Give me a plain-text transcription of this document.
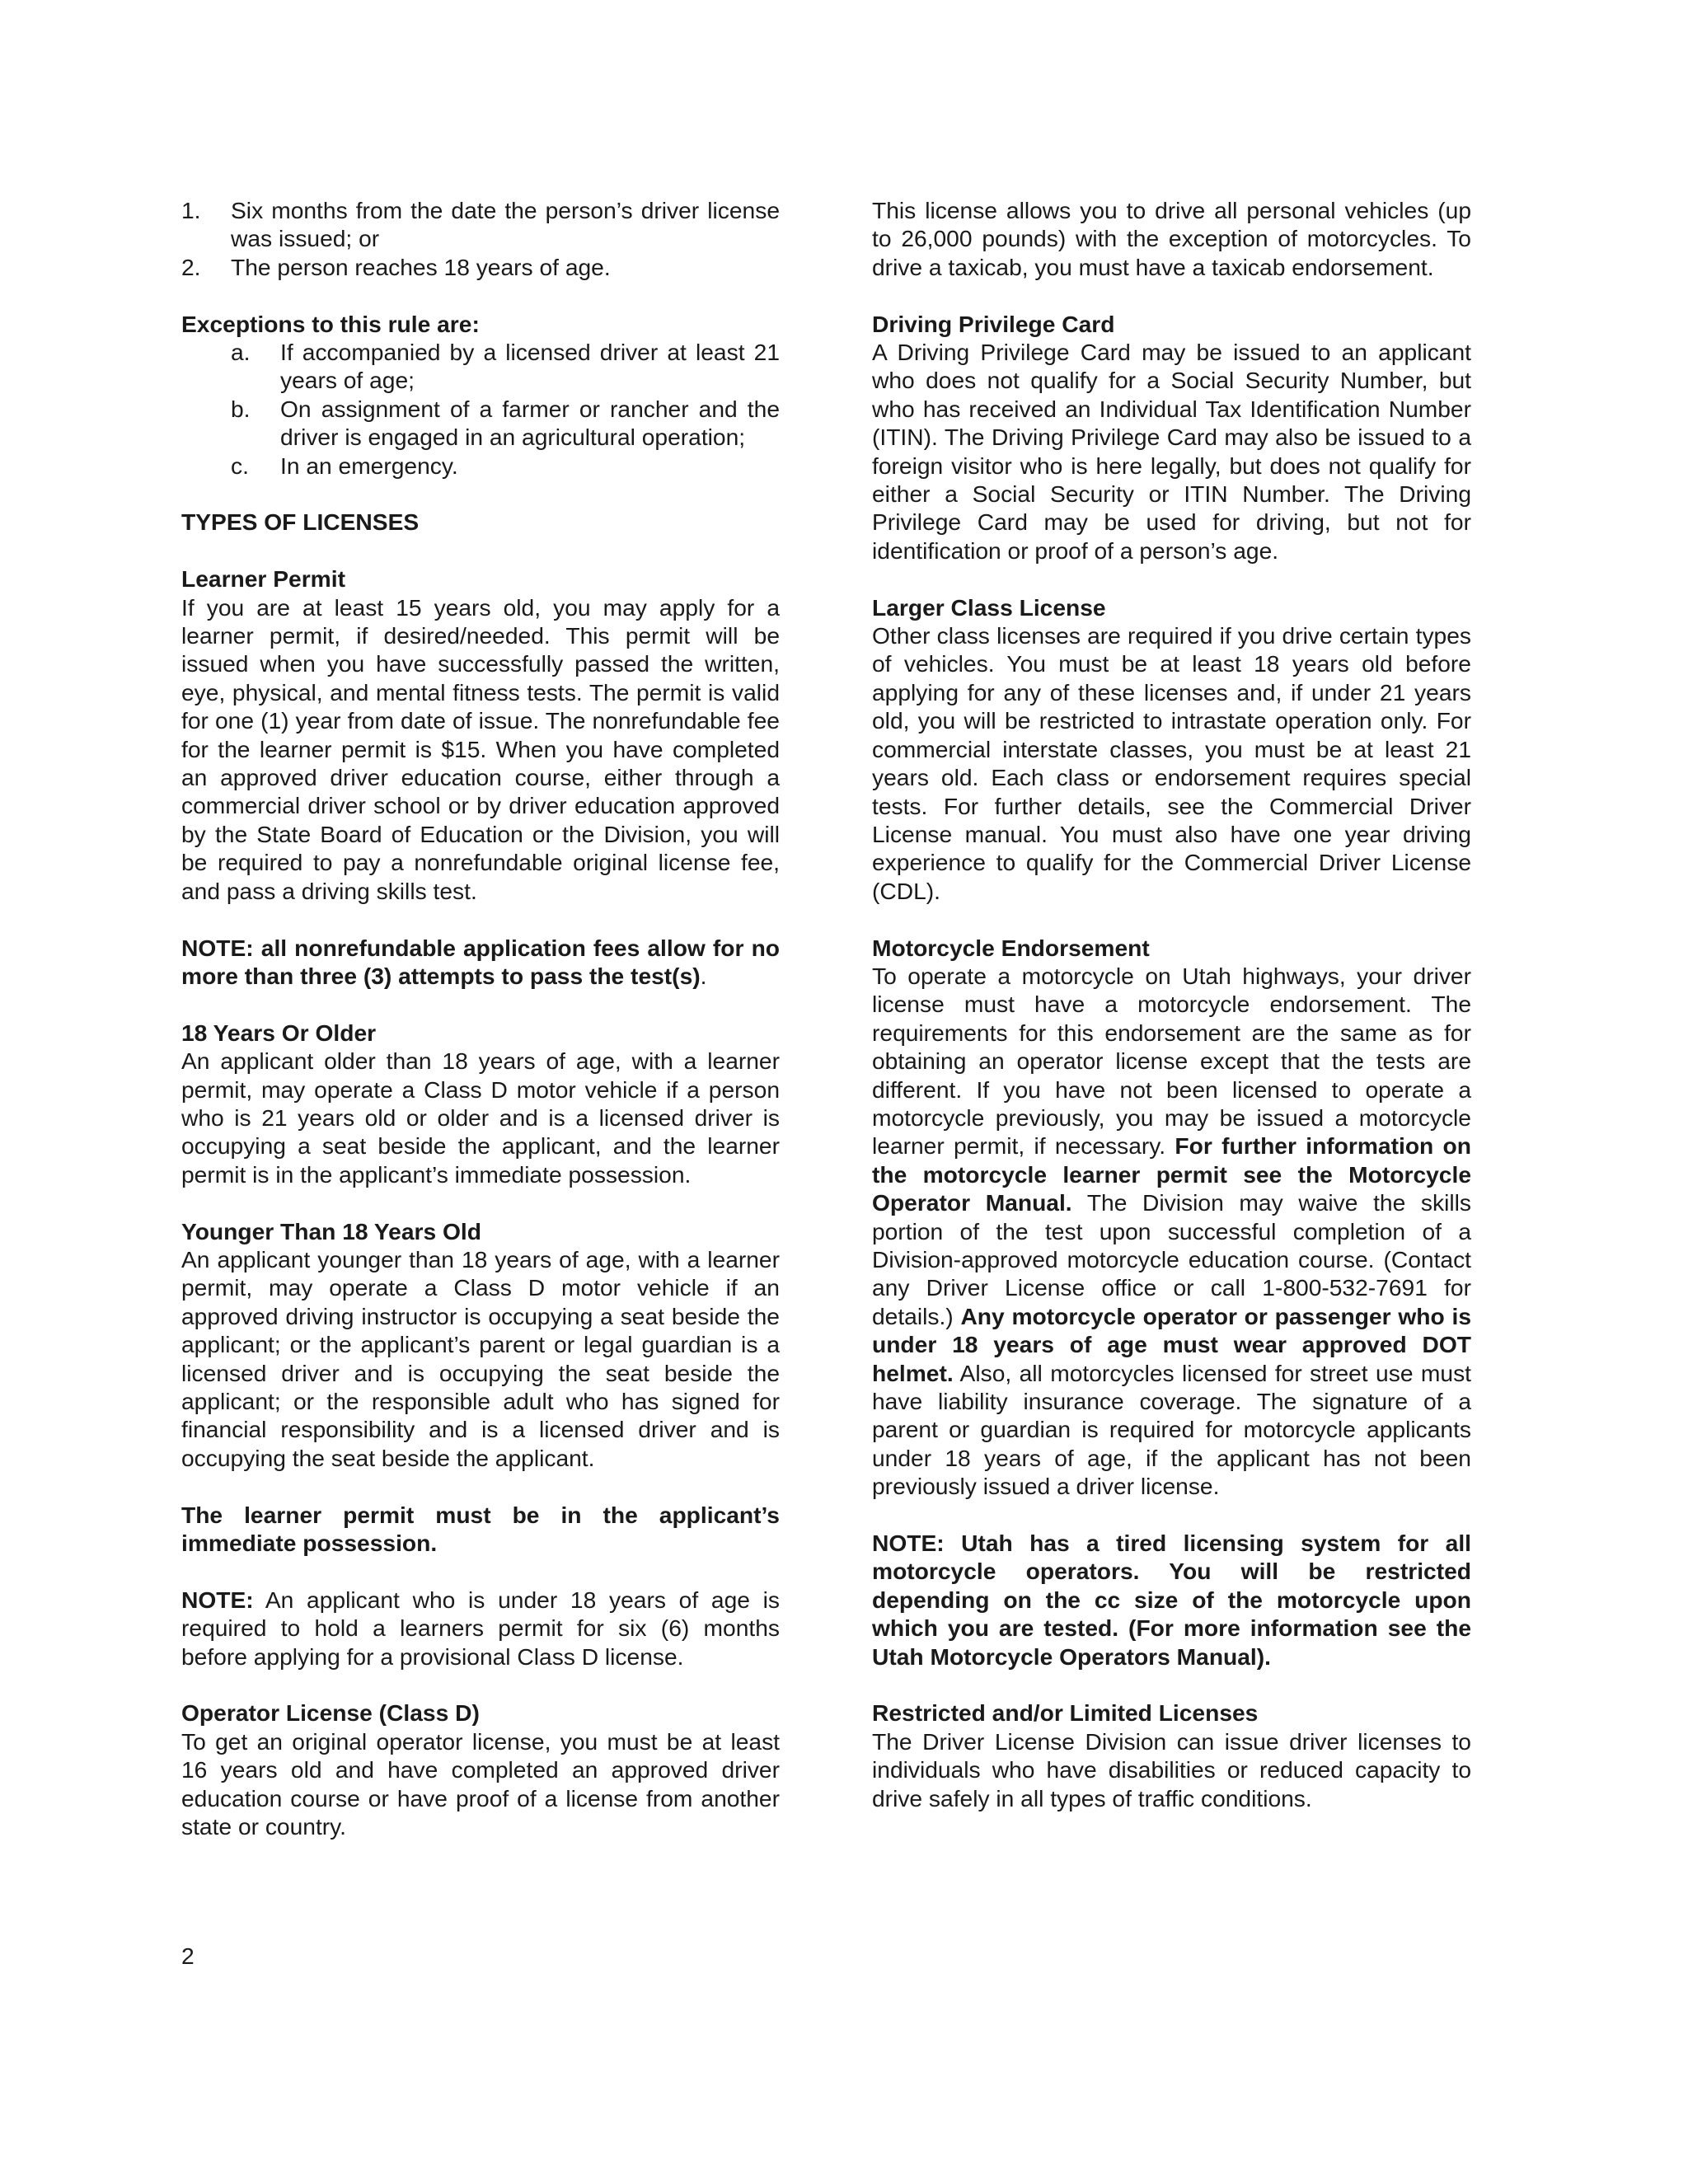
1.	Six months from the date the person’s driver license was issued; or
2.	The person reaches 18 years of age.

Exceptions to this rule are:

a.	If accompanied by a licensed driver at least 21 years of age;
b.	On assignment of a farmer or rancher and the driver is engaged in an agricultural operation;
c.	In an emergency.

TYPES OF LICENSES

Learner Permit

If you are at least 15 years old, you may apply for a learner permit, if desired/needed. This permit will be issued when you have successfully passed the written, eye, physical, and mental fitness tests. The permit is valid for one (1) year from date of issue. The nonrefundable fee for the learner permit is $15. When you have completed an approved driver education course, either through a commercial driver school or by driver education approved by the State Board of Education or the Division, you will be required to pay a nonrefundable original license fee, and pass a driving skills test.

NOTE: all nonrefundable application fees allow for no more than three (3) attempts to pass the test(s).

18 Years Or Older

An applicant older than 18 years of age, with a learner permit, may operate a Class D motor vehicle if a person who is 21 years old or older and is a licensed driver is occupying a seat beside the applicant, and the learner permit is in the applicant’s immediate possession.

Younger Than 18 Years Old

An applicant younger than 18 years of age, with a learner permit, may operate a Class D motor vehicle if an approved driving instructor is occupying a seat beside the applicant; or the applicant’s parent or legal guardian is a licensed driver and is occupying the seat beside the applicant; or the responsible adult who has signed for financial responsibility and is a licensed driver and is occupying the seat beside the applicant.

The learner permit must be in the applicant’s immediate possession.

NOTE: An applicant who is under 18 years of age is required to hold a learners permit for six (6) months before applying for a provisional Class D license.

Operator License (Class D)

To get an original operator license, you must be at least 16 years old and have completed an approved driver education course or have proof of a license from another state or country.

2

This license allows you to drive all personal vehicles (up to 26,000 pounds) with the exception of motorcycles. To drive a taxicab, you must have a taxicab endorsement.

Driving Privilege Card

A Driving Privilege Card may be issued to an applicant who does not qualify for a Social Security Number, but who has received an Individual Tax Identification Number (ITIN). The Driving Privilege Card may also be issued to a foreign visitor who is here legally, but does not qualify for either a Social Security or ITIN Number. The Driving Privilege Card may be used for driving, but not for identification or proof of a person’s age.

Larger Class License

Other class licenses are required if you drive certain types of vehicles. You must be at least 18 years old before applying for any of these licenses and, if under 21 years old, you will be restricted to intrastate operation only. For commercial interstate classes, you must be at least 21 years old. Each class or endorsement requires special tests. For further details, see the Commercial Driver License manual. You must also have one year driving experience to qualify for the Commercial Driver License (CDL).

Motorcycle Endorsement

To operate a motorcycle on Utah highways, your driver license must have a motorcycle endorsement. The requirements for this endorsement are the same as for obtaining an operator license except that the tests are different. If you have not been licensed to operate a motorcycle previously, you may be issued a motorcycle learner permit, if necessary. For further information on the motorcycle learner permit see the Motorcycle Operator Manual. The Division may waive the skills portion of the test upon successful completion of a Division-approved motorcycle education course. (Contact any Driver License office or call 1-800-532-7691 for details.) Any motorcycle operator or passenger who is under 18 years of age must wear approved DOT helmet. Also, all motorcycles licensed for street use must have liability insurance coverage. The signature of a parent or guardian is required for motorcycle applicants under 18 years of age, if the applicant has not been previously issued a driver license.

NOTE: Utah has a tired licensing system for all motorcycle operators. You will be restricted depending on the cc size of the motorcycle upon which you are tested. (For more information see the Utah Motorcycle Operators Manual).

Restricted and/or Limited Licenses

The Driver License Division can issue driver licenses to individuals who have disabilities or reduced capacity to drive safely in all types of traffic conditions.
